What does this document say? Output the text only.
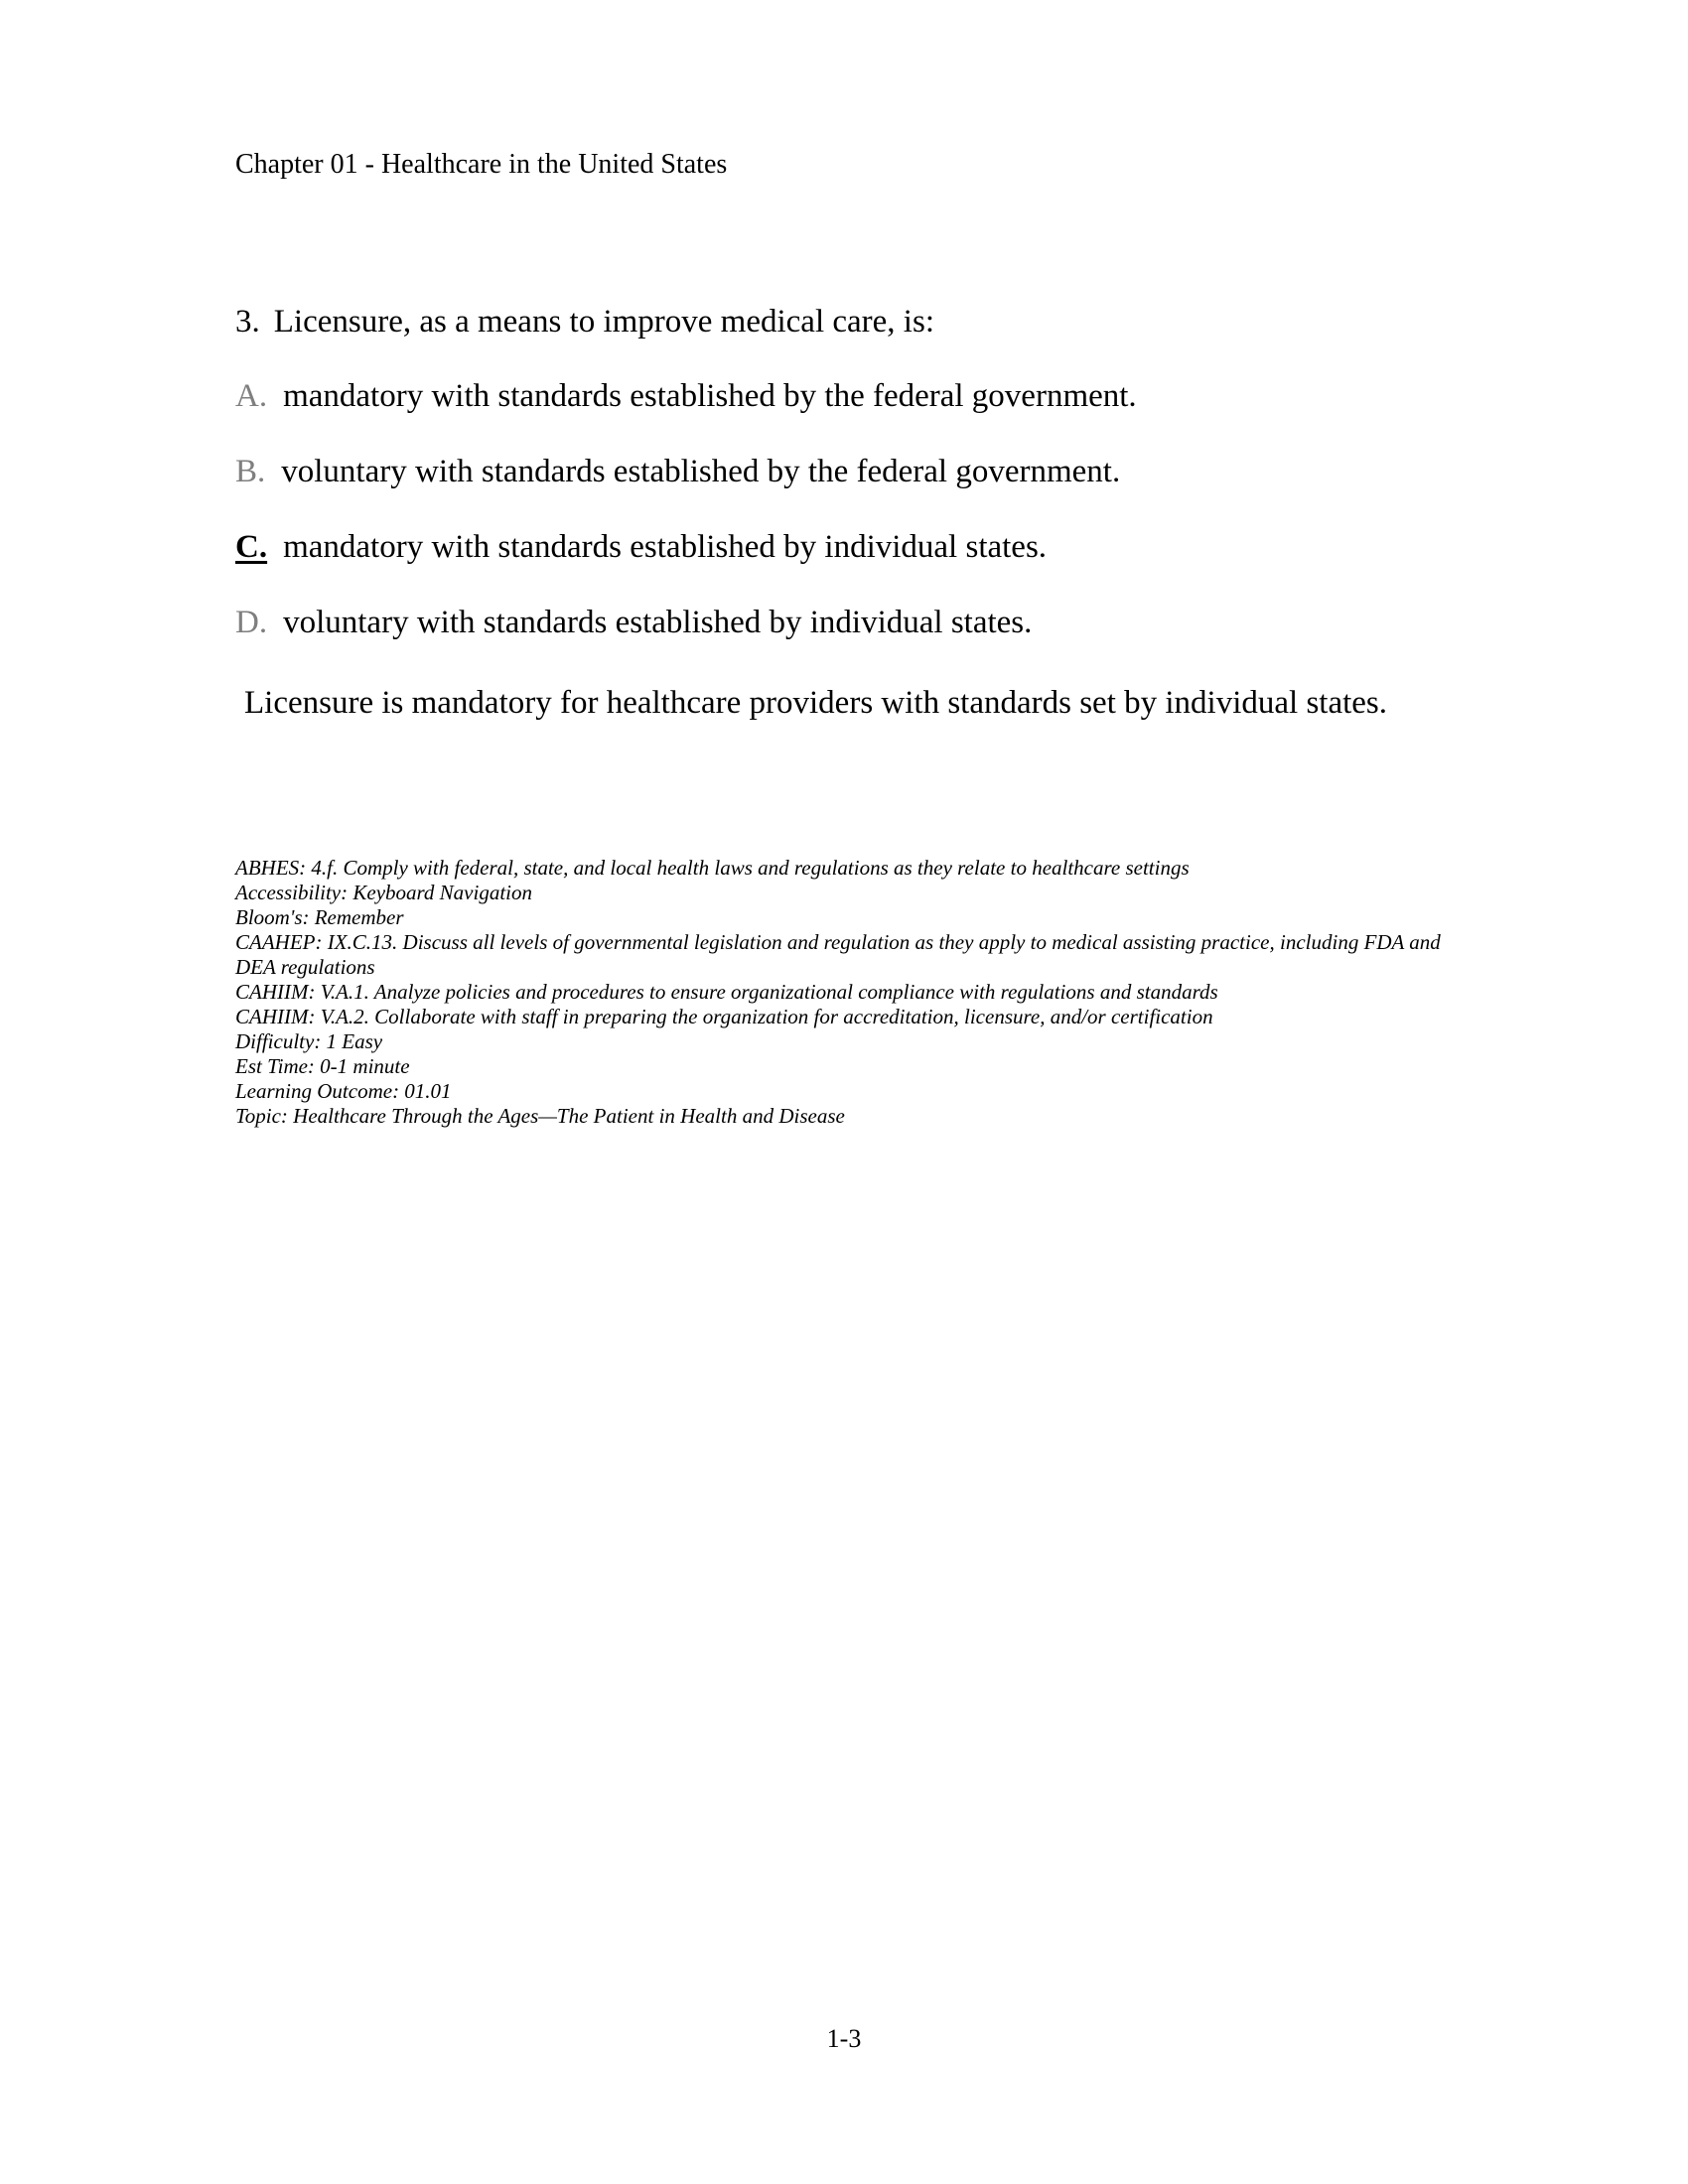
Chapter 01 - Healthcare in the United States
3. Licensure, as a means to improve medical care, is:
A. mandatory with standards established by the federal government.
B. voluntary with standards established by the federal government.
C. mandatory with standards established by individual states.
D. voluntary with standards established by individual states.
Licensure is mandatory for healthcare providers with standards set by individual states.
ABHES: 4.f. Comply with federal, state, and local health laws and regulations as they relate to healthcare settings
Accessibility: Keyboard Navigation
Bloom's: Remember
CAAHEP: IX.C.13. Discuss all levels of governmental legislation and regulation as they apply to medical assisting practice, including FDA and DEA regulations
CAHIIM: V.A.1. Analyze policies and procedures to ensure organizational compliance with regulations and standards
CAHIIM: V.A.2. Collaborate with staff in preparing the organization for accreditation, licensure, and/or certification
Difficulty: 1 Easy
Est Time: 0-1 minute
Learning Outcome: 01.01
Topic: Healthcare Through the Ages—The Patient in Health and Disease
1-3
